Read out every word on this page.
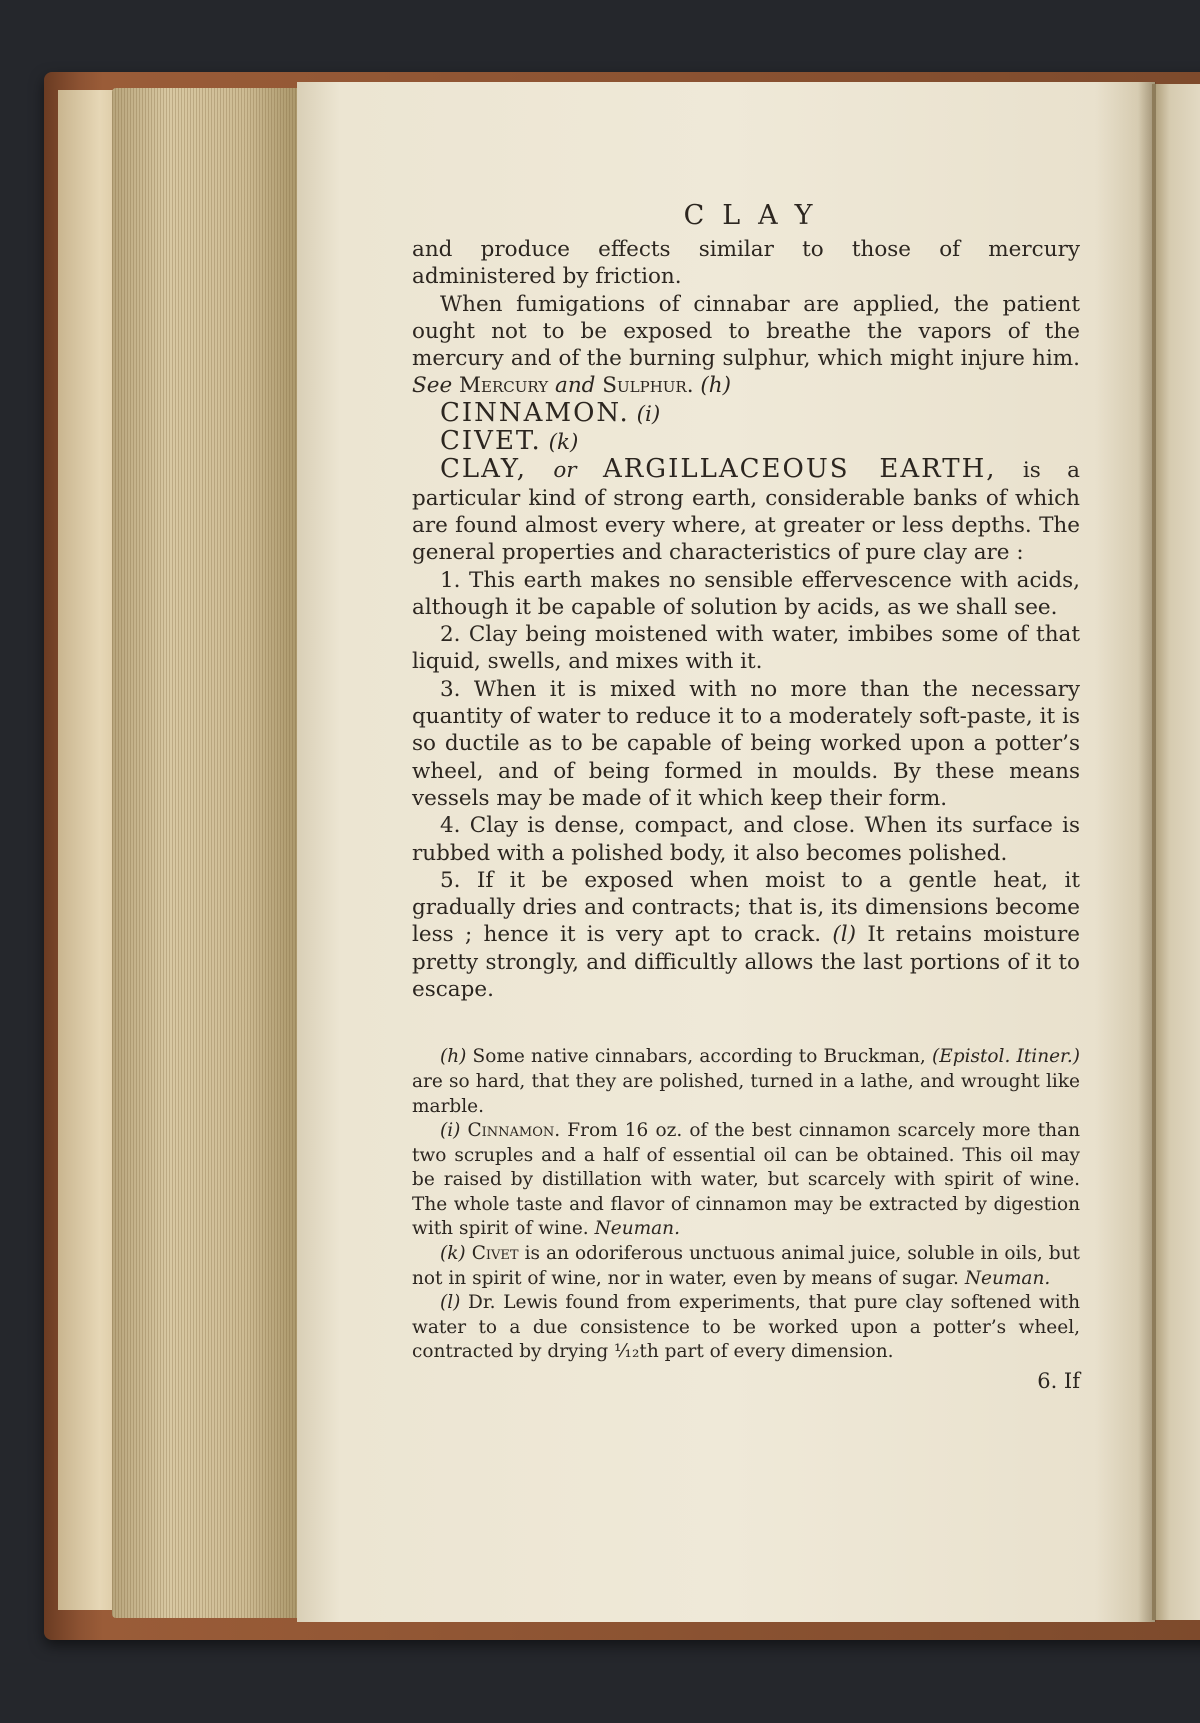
CLAY

and produce effects similar to those of mercury administered by friction.

When fumigations of cinnabar are applied, the patient ought not to be exposed to breathe the vapors of the mercury and of the burning sulphur, which might injure him. See Mercury and Sulphur. (h)

CINNAMON. (i)

CIVET. (k)

CLAY, or ARGILLACEOUS EARTH, is a particular kind of strong earth, considerable banks of which are found almost every where, at greater or less depths. The general properties and characteristics of pure clay are :

1. This earth makes no sensible effervescence with acids, although it be capable of solution by acids, as we shall see.

2. Clay being moistened with water, imbibes some of that liquid, swells, and mixes with it.

3. When it is mixed with no more than the necessary quantity of water to reduce it to a moderately soft-paste, it is so ductile as to be capable of being worked upon a potter’s wheel, and of being formed in moulds. By these means vessels may be made of it which keep their form.

4. Clay is dense, compact, and close. When its surface is rubbed with a polished body, it also becomes polished.

5. If it be exposed when moist to a gentle heat, it gradually dries and contracts; that is, its dimensions become less ; hence it is very apt to crack. (l) It retains moisture pretty strongly, and difficultly allows the last portions of it to escape.

(h) Some native cinnabars, according to Bruckman, (Epistol. Itiner.) are so hard, that they are polished, turned in a lathe, and wrought like marble.

(i) Cinnamon. From 16 oz. of the best cinnamon scarcely more than two scruples and a half of essential oil can be obtained. This oil may be raised by distillation with water, but scarcely with spirit of wine. The whole taste and flavor of cinnamon may be extracted by digestion with spirit of wine. Neuman.

(k) Civet is an odoriferous unctuous animal juice, soluble in oils, but not in spirit of wine, nor in water, even by means of sugar. Neuman.

(l) Dr. Lewis found from experiments, that pure clay softened with water to a due consistence to be worked upon a potter’s wheel, contracted by drying ¹⁄₁₂th part of every dimension.

6. If
